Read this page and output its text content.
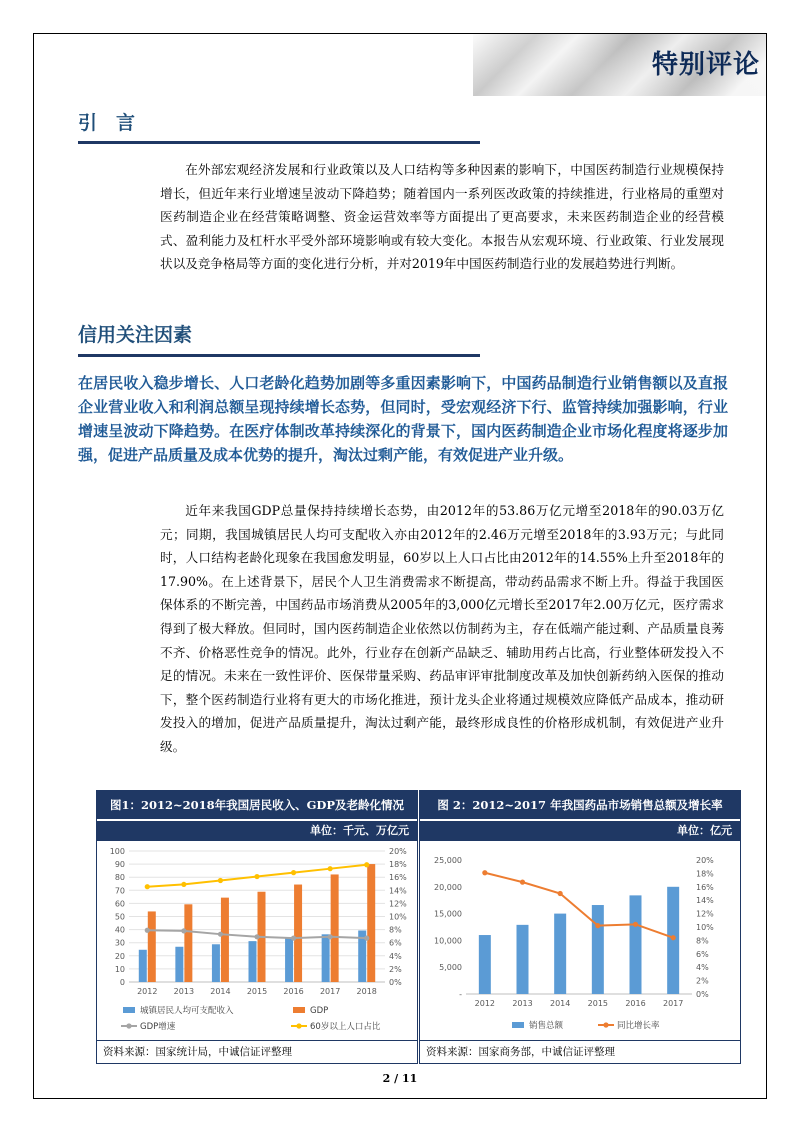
特别评论
引　言
在外部宏观经济发展和行业政策以及人口结构等多种因素的影响下，中国医药制造行业规模保持增长，但近年来行业增速呈波动下降趋势；随着国内一系列医改政策的持续推进，行业格局的重塑对医药制造企业在经营策略调整、资金运营效率等方面提出了更高要求，未来医药制造企业的经营模式、盈利能力及杠杆水平受外部环境影响或有较大变化。本报告从宏观环境、行业政策、行业发展现状以及竞争格局等方面的变化进行分析，并对2019年中国医药制造行业的发展趋势进行判断。
信用关注因素
在居民收入稳步增长、人口老龄化趋势加剧等多重因素影响下，中国药品制造行业销售额以及直报企业营业收入和利润总额呈现持续增长态势，但同时，受宏观经济下行、监管持续加强影响，行业增速呈波动下降趋势。在医疗体制改革持续深化的背景下，国内医药制造企业市场化程度将逐步加强，促进产品质量及成本优势的提升，淘汰过剩产能，有效促进产业升级。
近年来我国GDP总量保持持续增长态势，由2012年的53.86万亿元增至2018年的90.03万亿元；同期，我国城镇居民人均可支配收入亦由2012年的2.46万元增至2018年的3.93万元；与此同时，人口结构老龄化现象在我国愈发明显，60岁以上人口占比由2012年的14.55%上升至2018年的17.90%。在上述背景下，居民个人卫生消费需求不断提高，带动药品需求不断上升。得益于我国医保体系的不断完善，中国药品市场消费从2005年的3,000亿元增长至2017年2.00万亿元，医疗需求得到了极大释放。但同时，国内医药制造企业依然以仿制药为主，存在低端产能过剩、产品质量良莠不齐、价格恶性竞争的情况。此外，行业存在创新产品缺乏、辅助用药占比高，行业整体研发投入不足的情况。未来在一致性评价、医保带量采购、药品审评审批制度改革及加快创新药纳入医保的推动下，整个医药制造行业将有更大的市场化推进，预计龙头企业将通过规模效应降低产品成本，推动研发投入的增加，促进产品质量提升，淘汰过剩产能，最终形成良性的价格形成机制，有效促进产业升级。
图1：2012~2018年我国居民收入、GDP及老龄化情况
单位：千元、万亿元
0
10
20
30
40
50
60
70
80
90
100
0%
2%
4%
6%
8%
10%
12%
14%
16%
18%
20%
2012 2013 2014 2015 2016 2017 2018
城镇居民人均可支配收入	GDP
GDP增速	60岁以上人口占比
资料来源：国家统计局，中诚信证评整理
图 2：2012~2017 年我国药品市场销售总额及增长率
单位：亿元
-
5,000
10,000
15,000
20,000
25,000
0%
2%
4%
6%
8%
10%
12%
14%
16%
18%
20%
2012 2013 2014 2015 2016 2017
销售总额	同比增长率
资料来源：国家商务部，中诚信证评整理
2 / 11
